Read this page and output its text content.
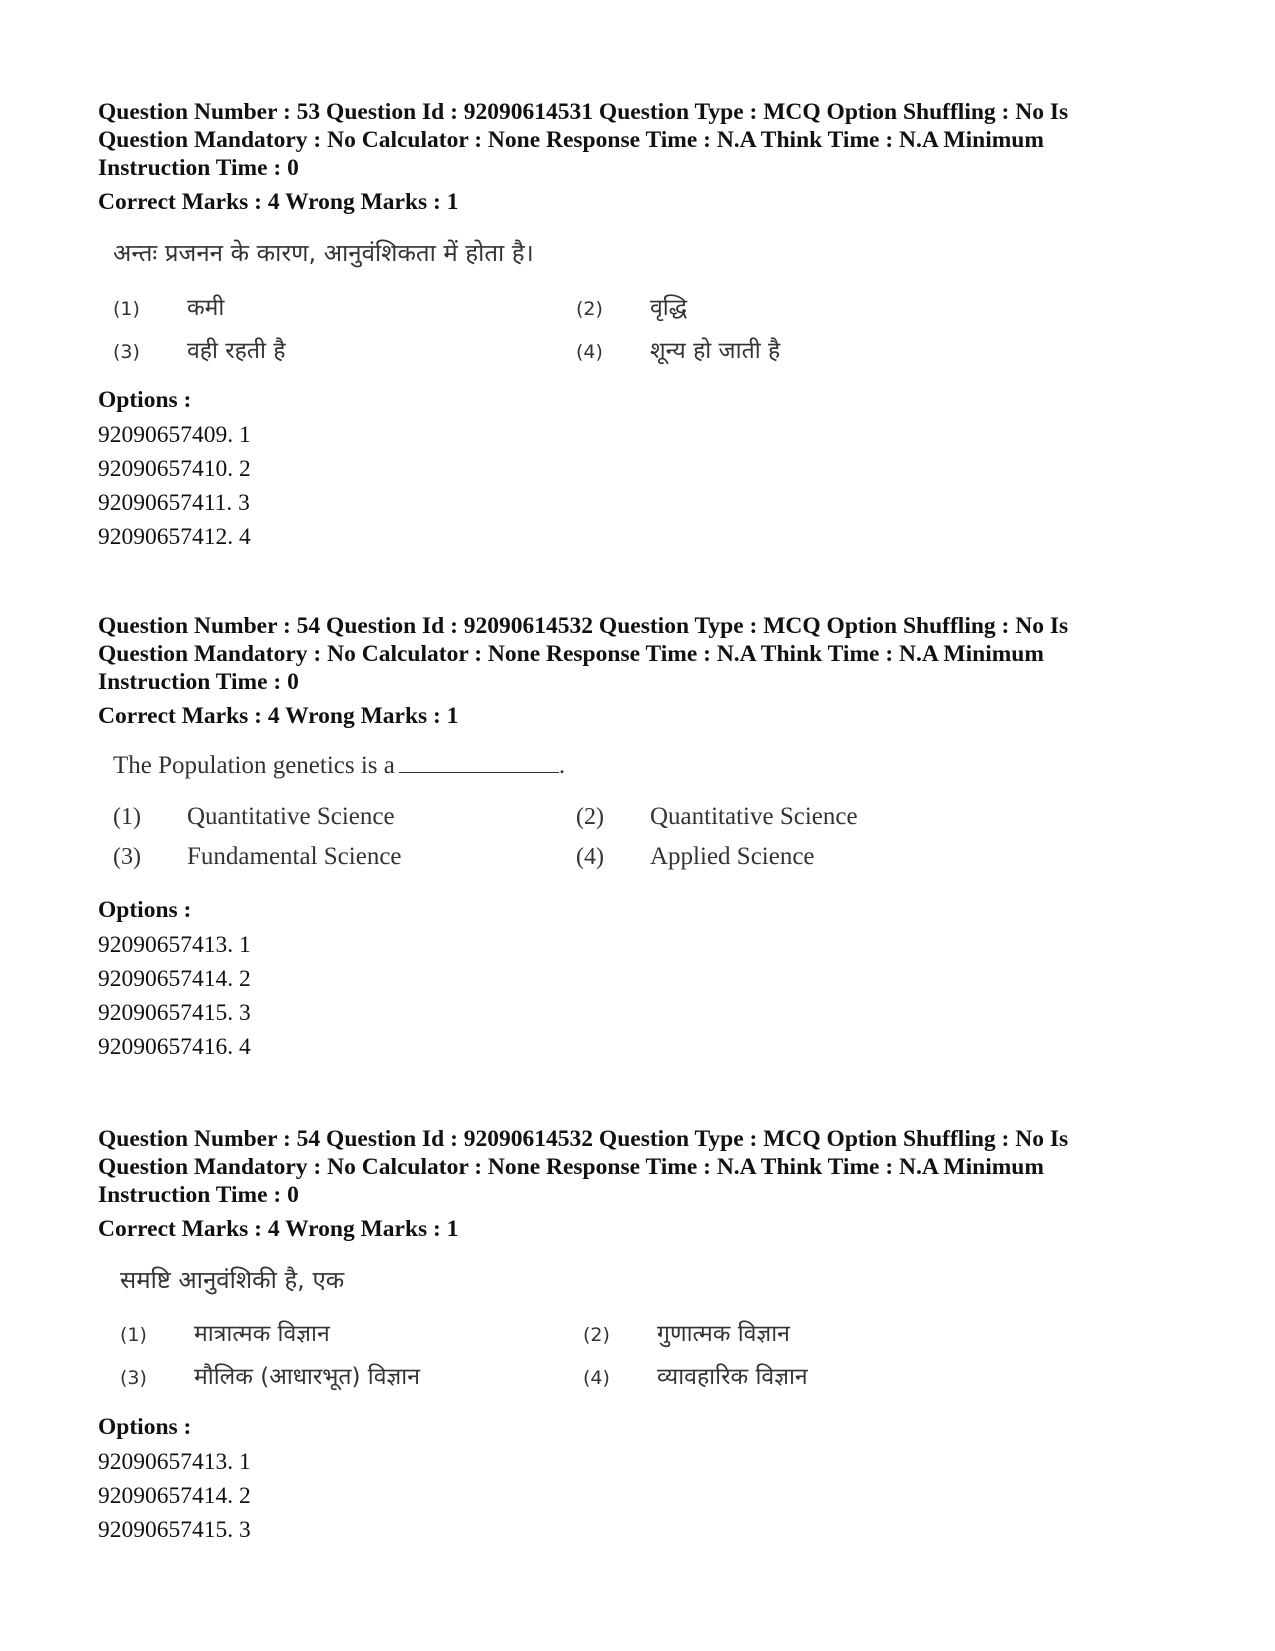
Question Number : 53 Question Id : 92090614531 Question Type : MCQ Option Shuffling : No Is

Question Mandatory : No Calculator : None Response Time : N.A Think Time : N.A Minimum

Instruction Time : 0

Correct Marks : 4 Wrong Marks : 1

अन्तः प्रजनन के कारण, आनुवंशिकता में होता है।
(1)	कमी	(2)	वृद्धि
(3)	वही रहती है	(4)	शून्य हो जाती है

Options :

92090657409. 1
92090657410. 2
92090657411. 3
92090657412. 4

Question Number : 54 Question Id : 92090614532 Question Type : MCQ Option Shuffling : No Is

Question Mandatory : No Calculator : None Response Time : N.A Think Time : N.A Minimum

Instruction Time : 0

Correct Marks : 4 Wrong Marks : 1

The Population genetics is a	.
(1)	Quantitative Science	(2)	Quantitative Science
(3)	Fundamental Science	(4)	Applied Science

Options :

92090657413. 1
92090657414. 2
92090657415. 3
92090657416. 4

Question Number : 54 Question Id : 92090614532 Question Type : MCQ Option Shuffling : No Is

Question Mandatory : No Calculator : None Response Time : N.A Think Time : N.A Minimum

Instruction Time : 0

Correct Marks : 4 Wrong Marks : 1

समष्टि आनुवंशिकी है, एक
(1)	मात्रात्मक विज्ञान	(2)	गुणात्मक विज्ञान
(3)	मौलिक (आधारभूत) विज्ञान	(4)	व्यावहारिक विज्ञान

Options :

92090657413. 1
92090657414. 2
92090657415. 3
